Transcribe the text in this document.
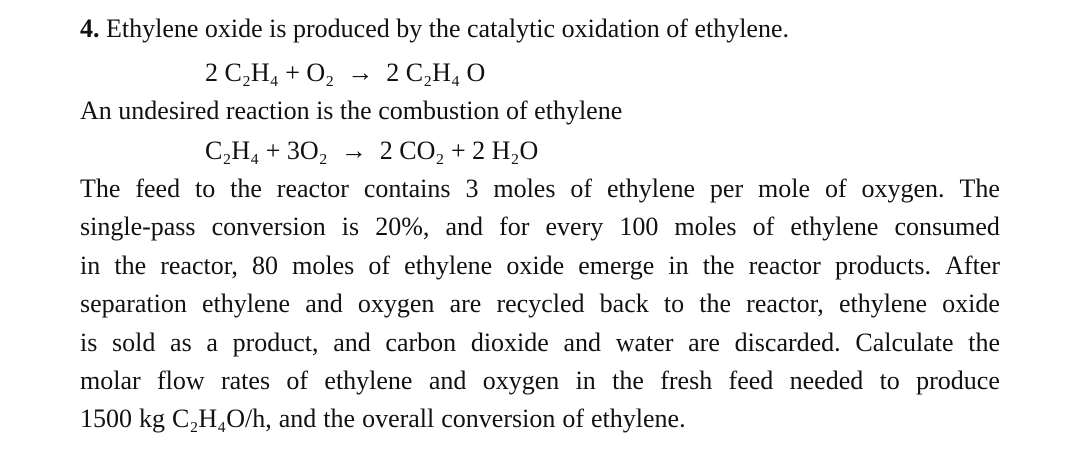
4. Ethylene oxide is produced by the catalytic oxidation of ethylene.
2 C₂H₄ + O₂ → 2 C₂H₄ O
An undesired reaction is the combustion of ethylene
C₂H₄ + 3O₂ → 2 CO₂ + 2 H₂O
The feed to the reactor contains 3 moles of ethylene per mole of oxygen. The
single-pass conversion is 20%, and for every 100 moles of ethylene consumed
in the reactor, 80 moles of ethylene oxide emerge in the reactor products. After
separation ethylene and oxygen are recycled back to the reactor, ethylene oxide
is sold as a product, and carbon dioxide and water are discarded. Calculate the
molar flow rates of ethylene and oxygen in the fresh feed needed to produce
1500 kg C₂H₄O/h, and the overall conversion of ethylene.
